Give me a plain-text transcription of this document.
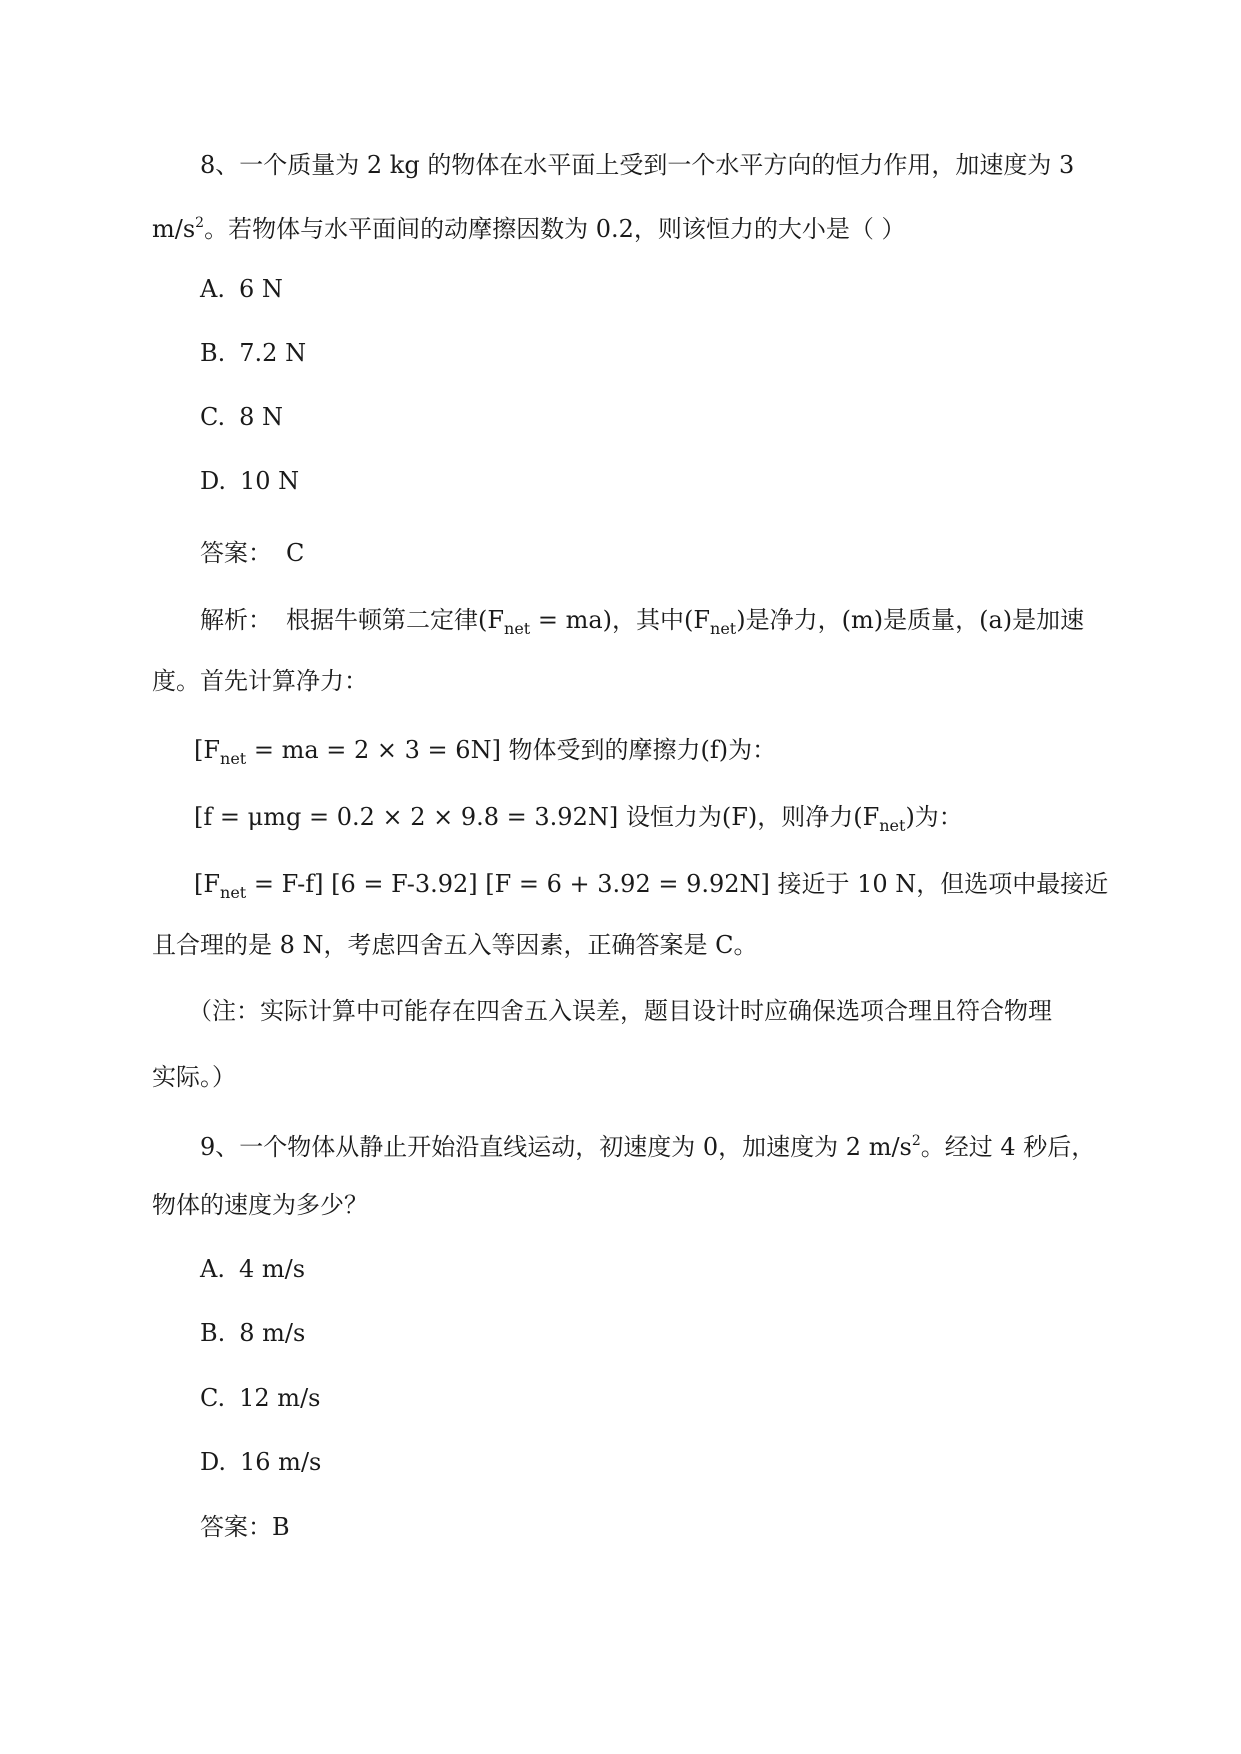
8、一个质量为 2 kg 的物体在水平面上受到一个水平方向的恒力作用，加速度为 3
$m/s^2$。若物体与水平面间的动摩擦因数为 0.2，则该恒力的大小是（ ）
A. 6 N
B. 7.2 N
C. 8 N
D. 10 N
答案： C
解析： 根据牛顿第二定律$(F_{net} = ma)$，其中$(F_{net})$是净力，(m)是质量，(a)是加速
度。首先计算净力：
[$F_{net}$ = ma = 2 × 3 = 6N] 物体受到的摩擦力(f)为：
[f = μmg = 0.2 × 2 × 9.8 = 3.92N] 设恒力为(F)，则净力$(F_{net})$为：
$[F_{net} = F-f] [6 = F-3.92] [F = 6 + 3.92 = 9.92N]$ 接近于 10 N，但选项中最接近
且合理的是 8 N，考虑四舍五入等因素，正确答案是 C。
（注：实际计算中可能存在四舍五入误差，题目设计时应确保选项合理且符合物理
实际。）
9、一个物体从静止开始沿直线运动，初速度为 0，加速度为 2 $m/s^2$。经过 4 秒后，
物体的速度为多少？
A. 4 m/s
B. 8 m/s
C. 12 m/s
D. 16 m/s
答案：B
